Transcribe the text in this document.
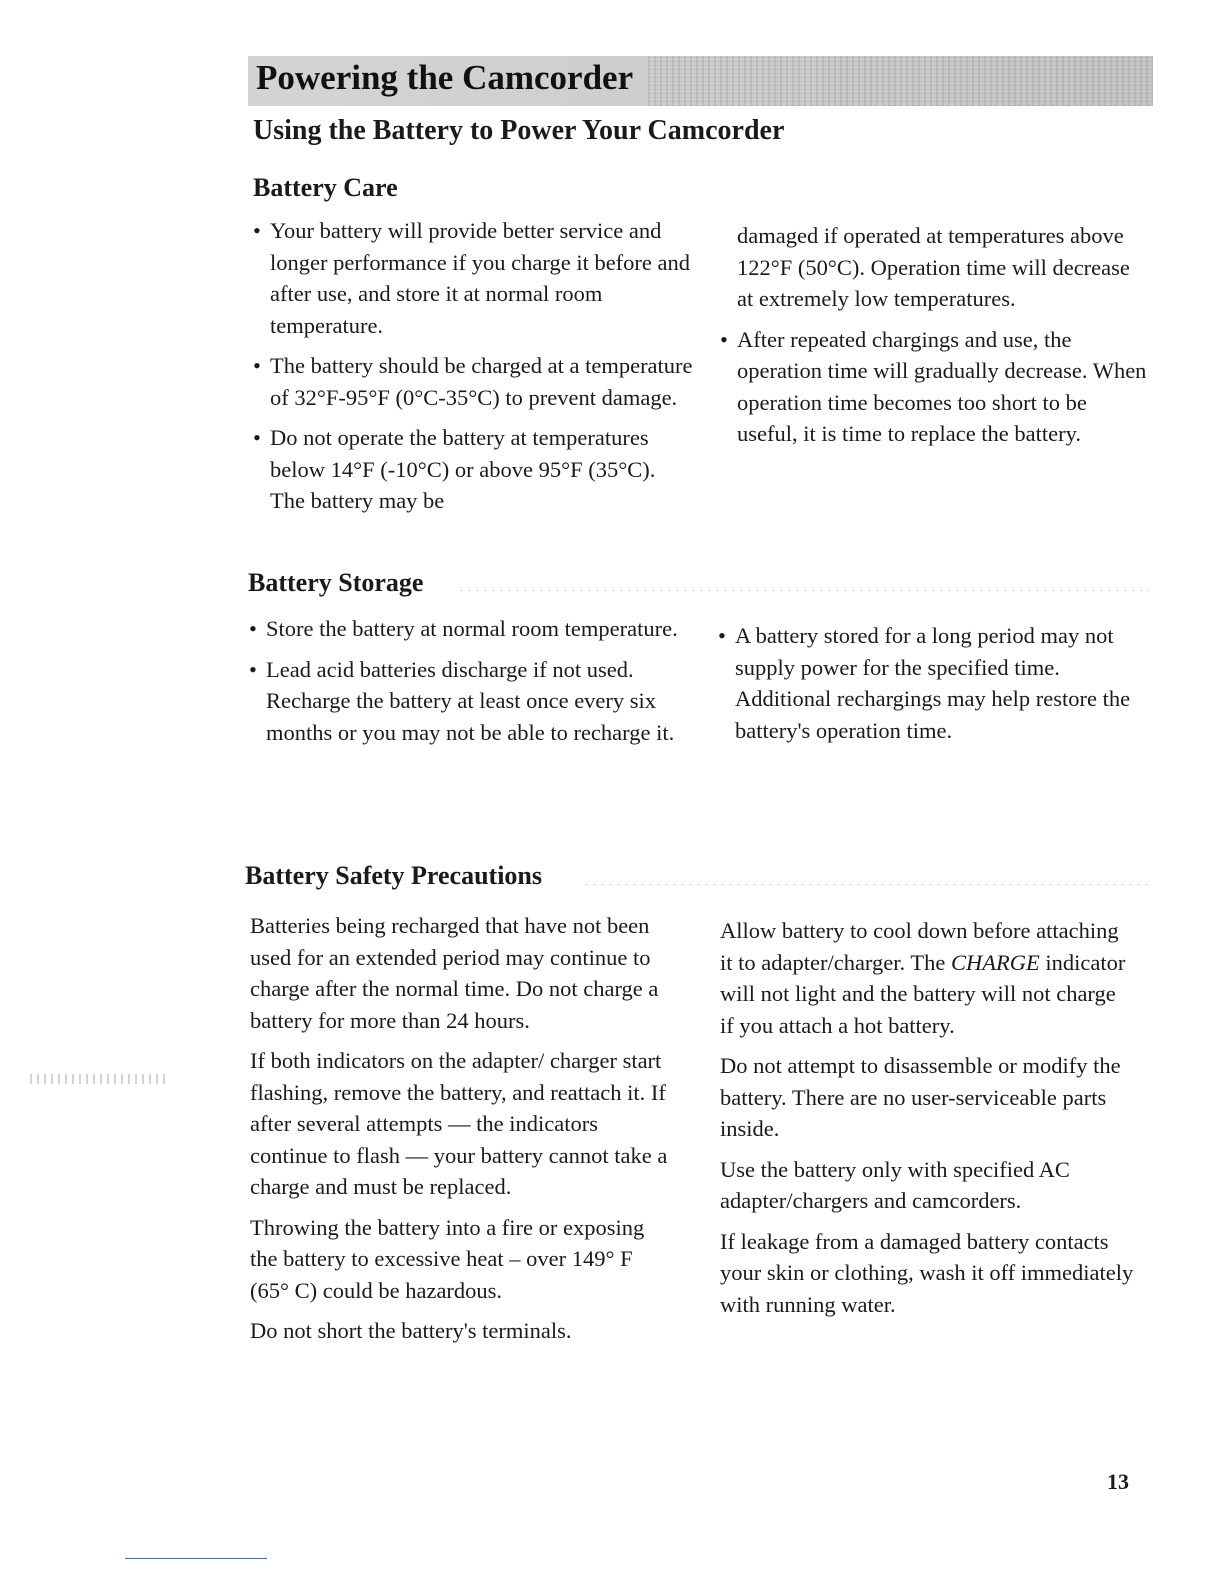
Powering the Camcorder
Using the Battery to Power Your Camcorder
Battery Care
• Your battery will provide better service and longer performance if you charge it before and after use, and store it at normal room temperature.
• The battery should be charged at a temperature of 32°F-95°F (0°C-35°C) to prevent damage.
• Do not operate the battery at temperatures below 14°F (-10°C) or above 95°F (35°C). The battery may be
damaged if operated at temperatures above 122°F (50°C). Operation time will decrease at extremely low temperatures.
• After repeated chargings and use, the operation time will gradually decrease. When operation time becomes too short to be useful, it is time to replace the battery.
Battery Storage
• Store the battery at normal room temperature.
• Lead acid batteries discharge if not used. Recharge the battery at least once every six months or you may not be able to recharge it.
• A battery stored for a long period may not supply power for the specified time. Additional rechargings may help restore the battery's operation time.
Battery Safety Precautions
Batteries being recharged that have not been used for an extended period may continue to charge after the normal time. Do not charge a battery for more than 24 hours.
If both indicators on the adapter/ charger start flashing, remove the battery, and reattach it. If after several attempts — the indicators continue to flash — your battery cannot take a charge and must be replaced.
Throwing the battery into a fire or exposing the battery to excessive heat – over 149° F (65° C) could be hazardous.
Do not short the battery's terminals.
Allow battery to cool down before attaching it to adapter/charger. The CHARGE indicator will not light and the battery will not charge if you attach a hot battery.
Do not attempt to disassemble or modify the battery. There are no user-serviceable parts inside.
Use the battery only with specified AC adapter/chargers and camcorders.
If leakage from a damaged battery contacts your skin or clothing, wash it off immediately with running water.
13
